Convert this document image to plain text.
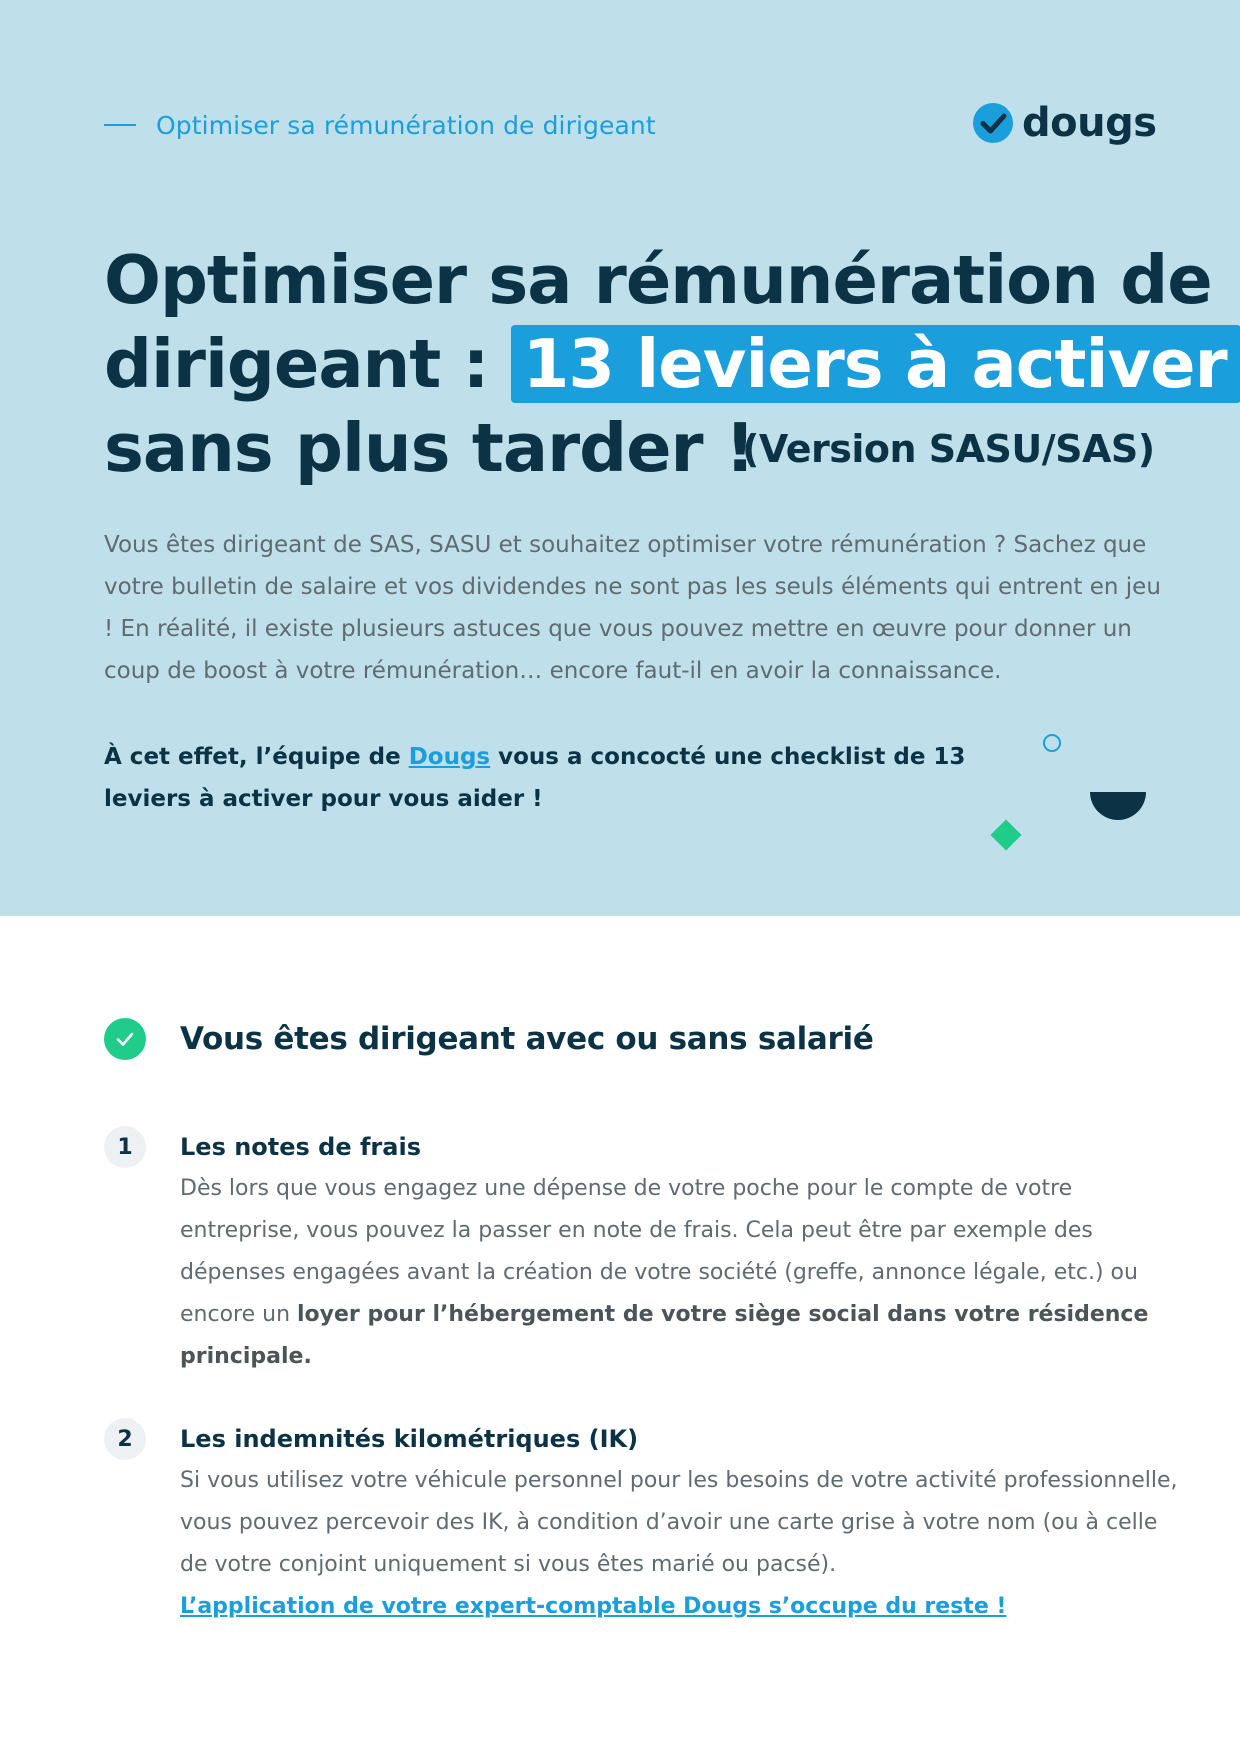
Optimiser sa rémunération de dirigeant	dougs
Optimiser sa rémunération de
dirigeant : 13 leviers à activer
sans plus tarder !
(Version SASU/SAS)

Vous êtes dirigeant de SAS, SASU et souhaitez optimiser votre rémunération ? Sachez que votre bulletin de salaire et vos dividendes ne sont pas les seuls éléments qui entrent en jeu ! En réalité, il existe plusieurs astuces que vous pouvez mettre en œuvre pour donner un coup de boost à votre rémunération… encore faut-il en avoir la connaissance.

À cet effet, l’équipe de Dougs vous a concocté une checklist de 13 leviers à activer pour vous aider !

Vous êtes dirigeant avec ou sans salarié
1	Les notes de frais

Dès lors que vous engagez une dépense de votre poche pour le compte de votre entreprise, vous pouvez la passer en note de frais. Cela peut être par exemple des dépenses engagées avant la création de votre société (greffe, annonce légale, etc.) ou encore un loyer pour l’hébergement de votre siège social dans votre résidence principale.

2	Les indemnités kilométriques (IK)

Si vous utilisez votre véhicule personnel pour les besoins de votre activité professionnelle, vous pouvez percevoir des IK, à condition d’avoir une carte grise à votre nom (ou à celle de votre conjoint uniquement si vous êtes marié ou pacsé).

L’application de votre expert-comptable Dougs s’occupe du reste !
